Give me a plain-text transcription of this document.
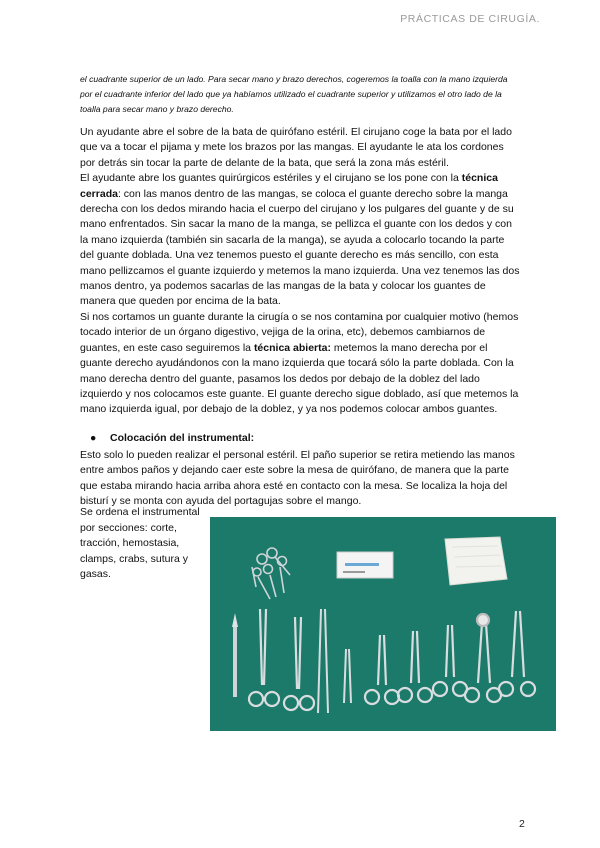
PRÁCTICAS DE CIRUGÍA.
el cuadrante superior de un lado. Para secar mano y brazo derechos, cogeremos la toalla con la mano izquierda por el cuadrante inferior del lado que ya habíamos utilizado el cuadrante superior y utilizamos el otro lado de la toalla para secar mano y brazo derecho.

Un ayudante abre el sobre de la bata de quirófano estéril. El cirujano coge la bata por el lado que va a tocar el pijama y mete los brazos por las mangas. El ayudante le ata los cordones por detrás sin tocar la parte de delante de la bata, que será la zona más estéril.

El ayudante abre los guantes quirúrgicos estériles y el cirujano se los pone con la técnica cerrada: con las manos dentro de las mangas, se coloca el guante derecho sobre la manga derecha con los dedos mirando hacia el cuerpo del cirujano y los pulgares del guante y de su mano enfrentados. Sin sacar la mano de la manga, se pellizca el guante con los dedos y con la mano izquierda (también sin sacarla de la manga), se ayuda a colocarlo tocando la parte del guante doblada. Una vez tenemos puesto el guante derecho es más sencillo, con esta mano pellizcamos el guante izquierdo y metemos la mano izquierda. Una vez tenemos las dos manos dentro, ya podemos sacarlas de las mangas de la bata y colocar los guantes de manera que queden por encima de la bata.

Si nos cortamos un guante durante la cirugía o se nos contamina por cualquier motivo (hemos tocado interior de un órgano digestivo, vejiga de la orina, etc), debemos cambiarnos de guantes, en este caso seguiremos la técnica abierta: metemos la mano derecha por el guante derecho ayudándonos con la mano izquierda que tocará sólo la parte doblada. Con la mano derecha dentro del guante, pasamos los dedos por debajo de la doblez del lado izquierdo y nos colocamos este guante. El guante derecho sigue doblado, así que metemos la mano izquierda igual, por debajo de la doblez, y ya nos podemos colocar ambos guantes.

● Colocación del instrumental:
Esto solo lo pueden realizar el personal estéril. El paño superior se retira metiendo las manos entre ambos paños y dejando caer este sobre la mesa de quirófano, de manera que la parte que estaba mirando hacia arriba ahora esté en contacto con la mesa. Se localiza la hoja del bisturí y se monta con ayuda del portagujas sobre el mango.
Se ordena el instrumental por secciones: corte, tracción, hemostasia, clamps, crabs, sutura y gasas.
2
